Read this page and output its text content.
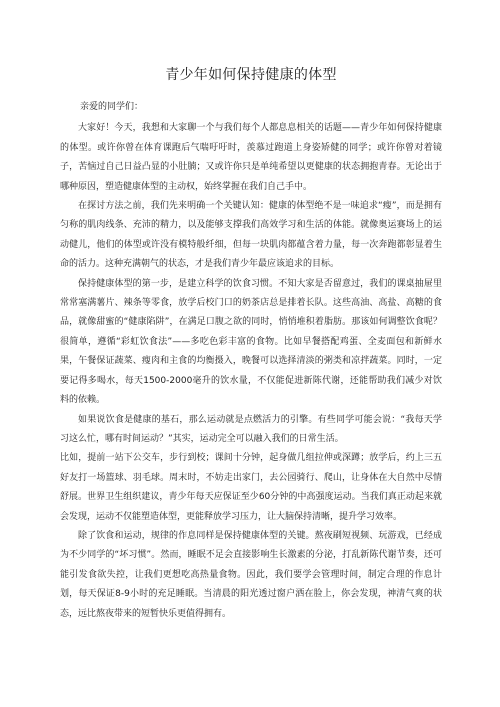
青少年如何保持健康的体型

亲爱的同学们：

大家好！今天，我想和大家聊一个与我们每个人都息息相关的话题——青少年如何保持健康的体型。或许你曾在体育课跑后气喘吁吁时，羡慕过跑道上身姿矫健的同学；或许你曾对着镜子，苦恼过自己日益凸显的小肚腩；又或许你只是单纯希望以更健康的状态拥抱青春。无论出于哪种原因，塑造健康体型的主动权，始终掌握在我们自己手中。

在探讨方法之前，我们先来明确一个关键认知：健康的体型绝不是一味追求“瘦”，而是拥有匀称的肌肉线条、充沛的精力，以及能够支撑我们高效学习和生活的体能。就像奥运赛场上的运动健儿，他们的体型或许没有模特般纤细，但每一块肌肉都蕴含着力量，每一次奔跑都彰显着生命的活力。这种充满朝气的状态，才是我们青少年最应该追求的目标。

保持健康体型的第一步，是建立科学的饮食习惯。不知大家是否留意过，我们的课桌抽屉里常常塞满薯片、辣条等零食，放学后校门口的奶茶店总是排着长队。这些高油、高盐、高糖的食品，就像甜蜜的“健康陷阱”，在满足口腹之欲的同时，悄悄堆积着脂肪。那该如何调整饮食呢？很简单，遵循“彩虹饮食法”——多吃色彩丰富的食物。比如早餐搭配鸡蛋、全麦面包和新鲜水果，午餐保证蔬菜、瘦肉和主食的均衡摄入，晚餐可以选择清淡的粥类和凉拌蔬菜。同时，一定要记得多喝水，每天1500-2000毫升的饮水量，不仅能促进新陈代谢，还能帮助我们减少对饮料的依赖。

如果说饮食是健康的基石，那么运动就是点燃活力的引擎。有些同学可能会说：“我每天学习这么忙，哪有时间运动？”其实，运动完全可以融入我们的日常生活。

比如，提前一站下公交车，步行到校；课间十分钟，起身做几组拉伸或深蹲；放学后，约上三五好友打一场篮球、羽毛球。周末时，不妨走出家门，去公园骑行、爬山，让身体在大自然中尽情舒展。世界卫生组织建议，青少年每天应保证至少60分钟的中高强度运动。当我们真正动起来就会发现，运动不仅能塑造体型，更能释放学习压力，让大脑保持清晰，提升学习效率。

除了饮食和运动，规律的作息同样是保持健康体型的关键。熬夜刷短视频、玩游戏，已经成为不少同学的“坏习惯”。然而，睡眠不足会直接影响生长激素的分泌，打乱新陈代谢节奏，还可能引发食欲失控，让我们更想吃高热量食物。因此，我们要学会管理时间，制定合理的作息计划，每天保证8-9小时的充足睡眠。当清晨的阳光透过窗户洒在脸上，你会发现，神清气爽的状态，远比熬夜带来的短暂快乐更值得拥有。
